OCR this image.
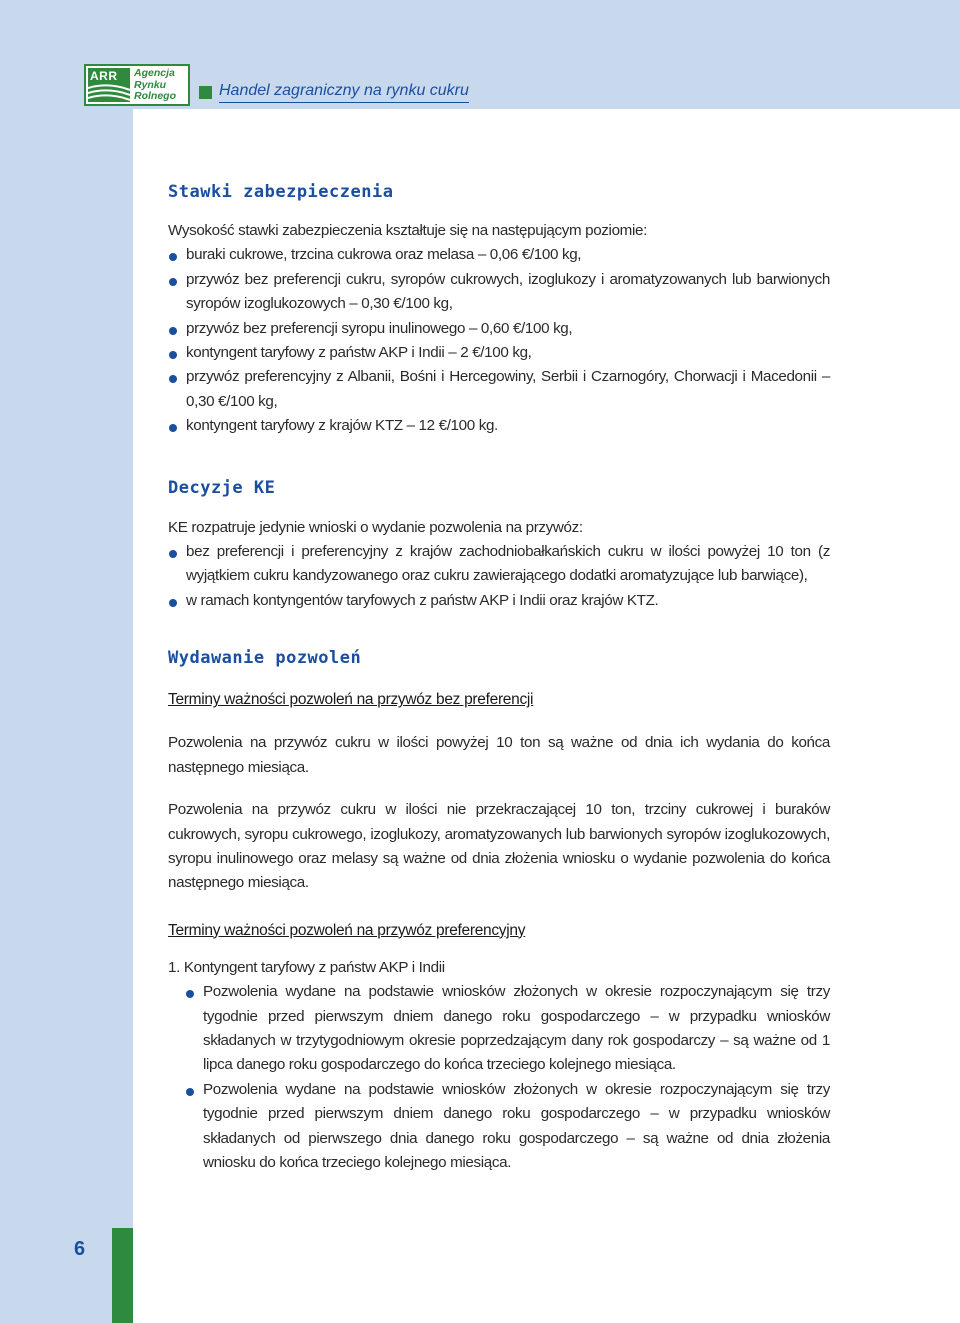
ARR Agencja
Rynku
Rolnego	Handel zagraniczny na rynku cukru
6
Stawki zabezpieczenia

Wysokość stawki zabezpieczenia kształtuje się na następującym poziomie:

buraki cukrowe, trzcina cukrowa oraz melasa – 0,06 €/100 kg,
przywóz bez preferencji cukru, syropów cukrowych, izoglukozy i aromatyzowanych lub barwionych syropów izoglukozowych – 0,30 €/100 kg,
przywóz bez preferencji syropu inulinowego – 0,60 €/100 kg,
kontyngent taryfowy z państw AKP i Indii – 2 €/100 kg,
przywóz preferencyjny z Albanii, Bośni i Hercegowiny, Serbii i Czarnogóry, Chorwacji i Macedonii – 0,30 €/100 kg,
kontyngent taryfowy z krajów KTZ – 12 €/100 kg.
Decyzje KE

KE rozpatruje jedynie wnioski o wydanie pozwolenia na przywóz:

bez preferencji i preferencyjny z krajów zachodniobałkańskich cukru w ilości powyżej 10 ton (z wyjątkiem cukru kandyzowanego oraz cukru zawierającego dodatki aromatyzujące lub barwiące),
w ramach kontyngentów taryfowych z państw AKP i Indii oraz krajów KTZ.
Wydawanie pozwoleń
Terminy ważności pozwoleń na przywóz bez preferencji

Pozwolenia na przywóz cukru w ilości powyżej 10 ton są ważne od dnia ich wydania do końca następnego miesiąca.

Pozwolenia na przywóz cukru w ilości nie przekraczającej 10 ton, trzciny cukrowej i buraków cukrowych, syropu cukrowego, izoglukozy, aromatyzowanych lub barwionych syropów izoglukozowych, syropu inulinowego oraz melasy są ważne od dnia złożenia wniosku o wydanie pozwolenia do końca następnego miesiąca.

Terminy ważności pozwoleń na przywóz preferencyjny

1. Kontyngent taryfowy z państw AKP i Indii

Pozwolenia wydane na podstawie wniosków złożonych w okresie rozpoczynającym się trzy tygodnie przed pierwszym dniem danego roku gospodarczego – w przypadku wniosków składanych w trzytygodniowym okresie poprzedzającym dany rok gospodarczy – są ważne od 1 lipca danego roku gospodarczego do końca trzeciego kolejnego miesiąca.
Pozwolenia wydane na podstawie wniosków złożonych w okresie rozpoczynającym się trzy tygodnie przed pierwszym dniem danego roku gospodarczego – w przypadku wniosków składanych od pierwszego dnia danego roku gospodarczego – są ważne od dnia złożenia wniosku do końca trzeciego kolejnego miesiąca.
